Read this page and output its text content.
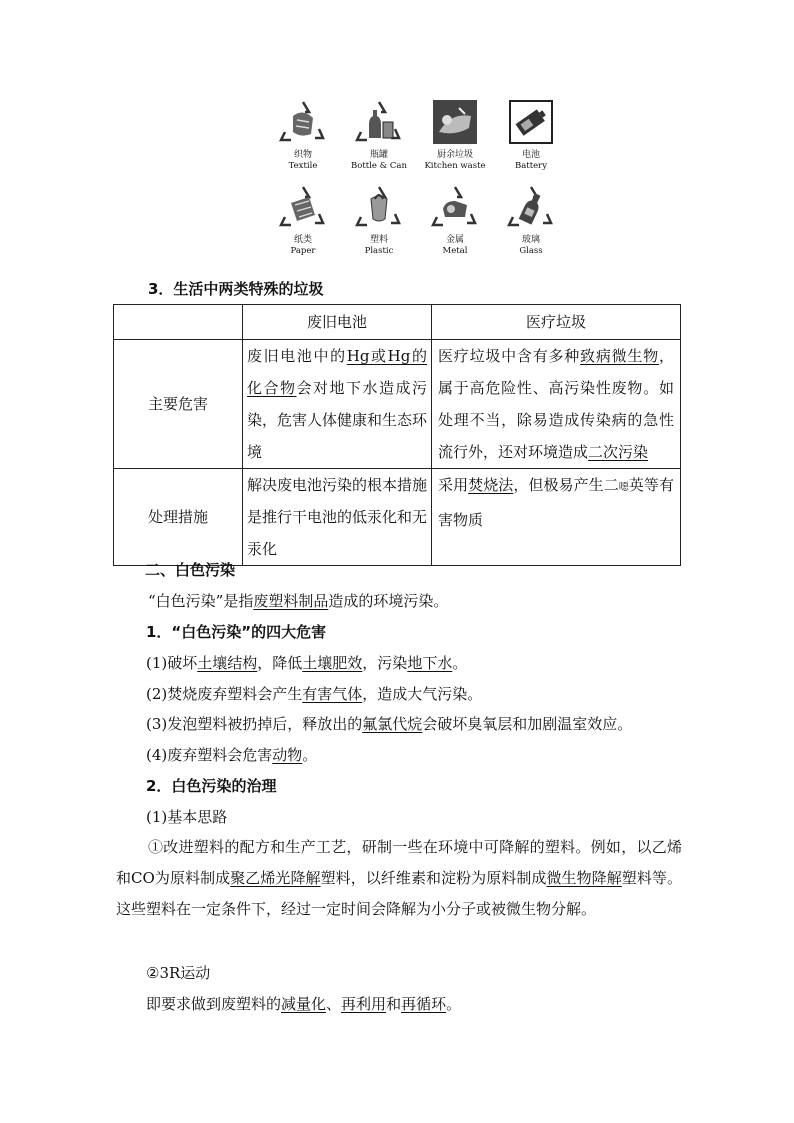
织物
Textile
瓶罐
Bottle & Can
厨余垃圾
Kitchen waste
电池
Battery
纸类
Paper
塑料
Plastic
金属
Metal
玻璃
Glass
3．生活中两类特殊的垃圾
	废旧电池	医疗垃圾
主要危害	废旧电池中的Hg或Hg的化合物会对地下水造成污染，危害人体健康和生态环境	医疗垃圾中含有多种致病微生物，属于高危险性、高污染性废物。如处理不当，除易造成传染病的急性流行外，还对环境造成二次污染
处理措施	解决废电池污染的根本措施是推行干电池的低汞化和无汞化	采用焚烧法，但极易产生二噁英等有害物质
二、白色污染
“白色污染”是指废塑料制品造成的环境污染。
1．“白色污染”的四大危害
(1)破坏土壤结构，降低土壤肥效，污染地下水。
(2)焚烧废弃塑料会产生有害气体，造成大气污染。
(3)发泡塑料被扔掉后，释放出的氟氯代烷会破坏臭氧层和加剧温室效应。
(4)废弃塑料会危害动物。
2．白色污染的治理
(1)基本思路
①改进塑料的配方和生产工艺，研制一些在环境中可降解的塑料。例如，以乙烯和CO为原料制成聚乙烯光降解塑料，以纤维素和淀粉为原料制成微生物降解塑料等。这些塑料在一定条件下，经过一定时间会降解为小分子或被微生物分解。
②3R运动
即要求做到废塑料的减量化、再利用和再循环。
